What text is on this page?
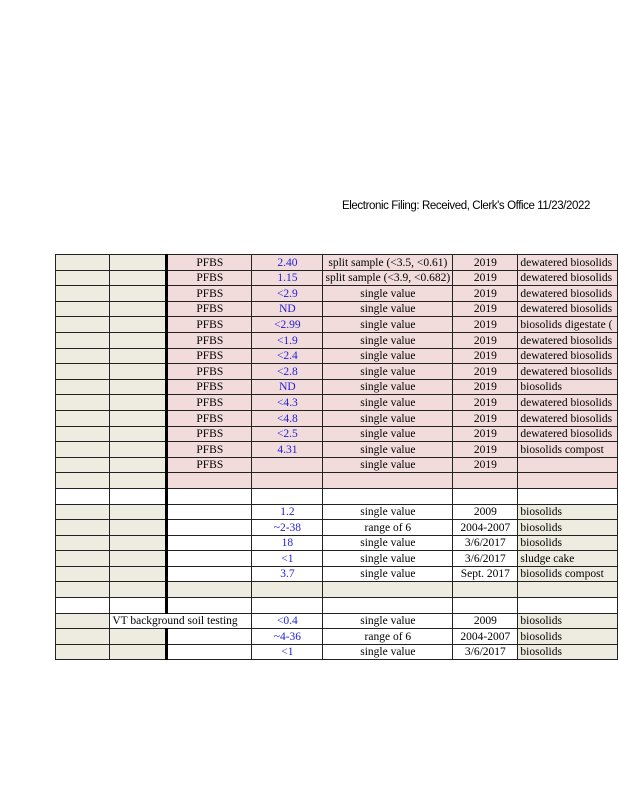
Electronic Filing: Received, Clerk's Office 11/23/2022
		PFBS	2.40	split sample (<3.5, <0.61)	2019	dewatered biosolids
		PFBS	1.15	split sample (<3.9, <0.682)	2019	dewatered biosolids
		PFBS	<2.9	single value	2019	dewatered biosolids
		PFBS	ND	single value	2019	dewatered biosolids
		PFBS	<2.99	single value	2019	biosolids digestate (
		PFBS	<1.9	single value	2019	dewatered biosolids
		PFBS	<2.4	single value	2019	dewatered biosolids
		PFBS	<2.8	single value	2019	dewatered biosolids
		PFBS	ND	single value	2019	biosolids
		PFBS	<4.3	single value	2019	dewatered biosolids
		PFBS	<4.8	single value	2019	dewatered biosolids
		PFBS	<2.5	single value	2019	dewatered biosolids
		PFBS	4.31	single value	2019	biosolids compost
		PFBS		single value	2019	

			1.2	single value	2009	biosolids
			~2-38	range of 6	2004-2007	biosolids
			18	single value	3/6/2017	biosolids
			<1	single value	3/6/2017	sludge cake
			3.7	single value	Sept. 2017	biosolids compost

	VT background soil testing		<0.4	single value	2009	biosolids
			~4-36	range of 6	2004-2007	biosolids
			<1	single value	3/6/2017	biosolids
